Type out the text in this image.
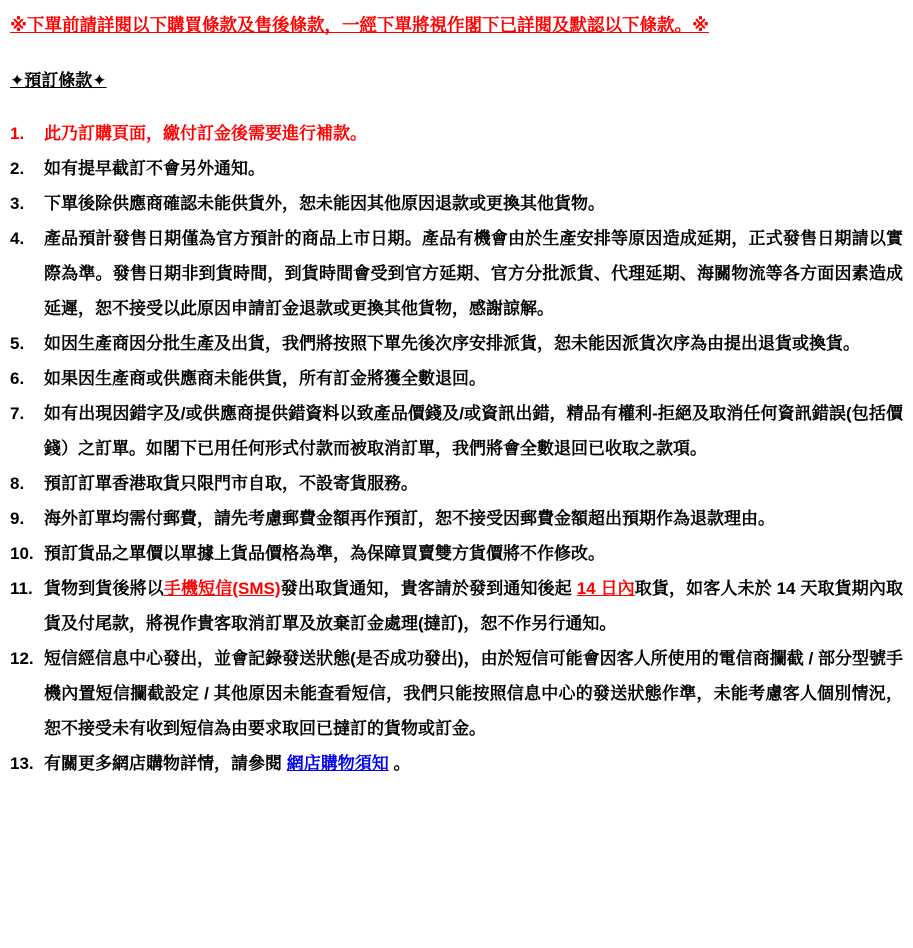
※下單前請詳閱以下購買條款及售後條款，一經下單將視作閣下已詳閱及默認以下條款。※

✦預訂條款✦

1.	此乃訂購頁面，繳付訂金後需要進行補款。
2.	如有提早截訂不會另外通知。
3.	下單後除供應商確認未能供貨外，恕未能因其他原因退款或更換其他貨物。
4.	產品預計發售日期僅為官方預計的商品上市日期。產品有機會由於生產安排等原因造成延期，正式發售日期請以實際為準。發售日期非到貨時間，到貨時間會受到官方延期、官方分批派貨、代理延期、海關物流等各方面因素造成延遲，恕不接受以此原因申請訂金退款或更換其他貨物，感謝諒解。
5.	如因生產商因分批生產及出貨，我們將按照下單先後次序安排派貨，恕未能因派貨次序為由提出退貨或換貨。
6.	如果因生產商或供應商未能供貨，所有訂金將獲全數退回。
7.	如有出現因錯字及/或供應商提供錯資料以致產品價錢及/或資訊出錯，精品有權利-拒絕及取消任何資訊錯誤(包括價錢）之訂單。如閣下已用任何形式付款而被取消訂單，我們將會全數退回已收取之款項。
8.	預訂訂單香港取貨只限門市自取，不設寄貨服務。
9.	海外訂單均需付郵費，請先考慮郵費金額再作預訂，恕不接受因郵費金額超出預期作為退款理由。
10. 預訂貨品之單價以單據上貨品價格為準，為保障買賣雙方貨價將不作修改。
11. 貨物到貨後將以手機短信(SMS)發出取貨通知，貴客請於發到通知後起 14 日內取貨，如客人未於 14 天取貨期內取貨及付尾款，將視作貴客取消訂單及放棄訂金處理(撻訂)，恕不作另行通知。
12. 短信經信息中心發出，並會記錄發送狀態(是否成功發出)，由於短信可能會因客人所使用的電信商攔截 / 部分型號手機內置短信攔截設定 / 其他原因未能查看短信，我們只能按照信息中心的發送狀態作準，未能考慮客人個別情況，恕不接受未有收到短信為由要求取回已撻訂的貨物或訂金。
13. 有關更多網店購物詳情，請參閱 網店購物須知 。
